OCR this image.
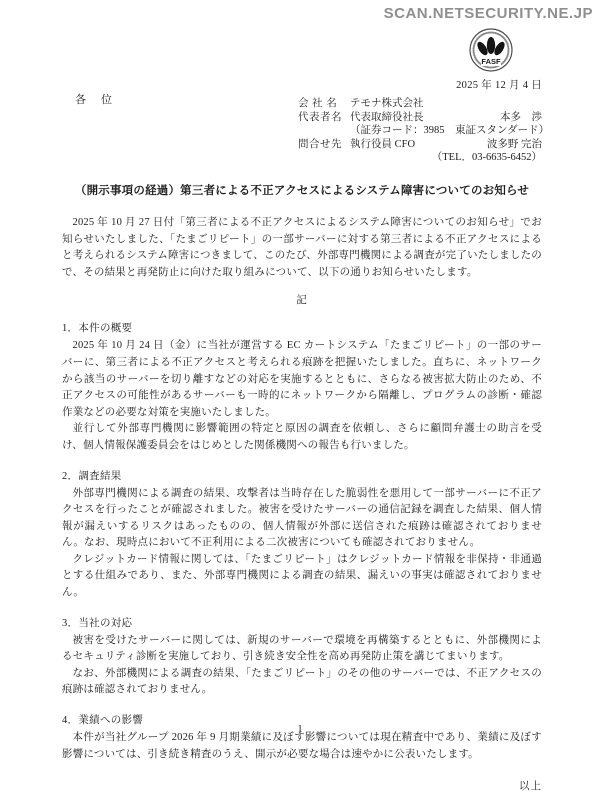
SCAN.NETSECURITY.NE.JP
FASF
各　位
2025 年 12 月 4 日
会 社 名	テモナ株式会社
代表者名 代表取締役社長	本多　渉
（証券コード：3985　東証スタンダード）
問合せ先 執行役員 CFO	波多野 完治
（TEL．03-6635-6452）
（開示事項の経過）第三者による不正アクセスによるシステム障害についてのお知らせ

2025 年 10 月 27 日付「第三者による不正アクセスによるシステム障害についてのお知らせ」でお知らせいたしました、「たまごリピート」の一部サーバーに対する第三者による不正アクセスによると考えられるシステム障害につきまして、このたび、外部専門機関による調査が完了いたしましたので、その結果と再発防止に向けた取り組みについて、以下の通りお知らせいたします。

記
1．本件の概要

2025 年 10 月 24 日（金）に当社が運営する EC カートシステム「たまごリピート」の一部のサーバーに、第三者による不正アクセスと考えられる痕跡を把握いたしました。直ちに、ネットワークから該当のサーバーを切り離すなどの対応を実施するとともに、さらなる被害拡大防止のため、不正アクセスの可能性があるサーバーも一時的にネットワークから隔離し、プログラムの診断・確認作業などの必要な対策を実施いたしました。

並行して外部専門機関に影響範囲の特定と原因の調査を依頼し、さらに顧問弁護士の助言を受け、個人情報保護委員会をはじめとした関係機関への報告も行いました。

2．調査結果

外部専門機関による調査の結果、攻撃者は当時存在した脆弱性を悪用して一部サーバーに不正アクセスを行ったことが確認されました。被害を受けたサーバーの通信記録を調査した結果、個人情報が漏えいするリスクはあったものの、個人情報が外部に送信された痕跡は確認されておりません。なお、現時点において不正利用による二次被害についても確認されておりません。

クレジットカード情報に関しては、「たまごリピート」はクレジットカード情報を非保持・非通過とする仕組みであり、また、外部専門機関による調査の結果、漏えいの事実は確認されておりません。

3．当社の対応

被害を受けたサーバーに関しては、新規のサーバーで環境を再構築するとともに、外部機関によるセキュリティ診断を実施しており、引き続き安全性を高め再発防止策を講じてまいります。

なお、外部機関による調査の結果、「たまごリピート」のその他のサーバーでは、不正アクセスの痕跡は確認されておりません。

4．業績への影響

本件が当社グループ 2026 年 9 月期業績に及ぼす影響については現在精査中であり、業績に及ぼす影響については、引き続き精査のうえ、開示が必要な場合は速やかに公表いたします。

以上
1
